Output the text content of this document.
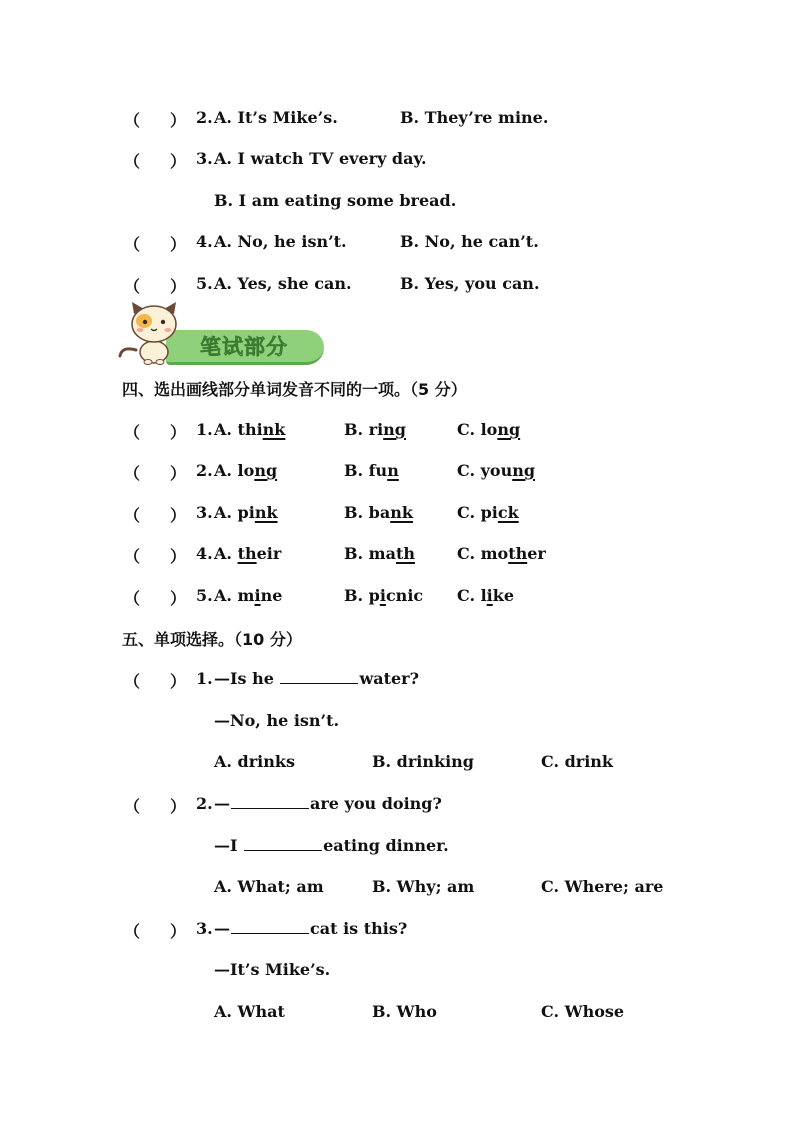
（ ） 2. A. It’s Mike’s.	B. They’re mine.
（ ） 3. A. I watch TV every day.
B. I am eating some bread.
（ ） 4. A. No, he isn’t.	B. No, he can’t.
（ ） 5. A. Yes, she can.	B. Yes, you can.
笔试部分
四、选出画线部分单词发音不同的一项。（5 分）
（ ） 1. A. think	B. ring	C. long
（ ） 2. A. long	B. fun	C. young
（ ） 3. A. pink	B. bank	C. pick
（ ） 4. A. their	B. math	C. mother
（ ） 5. A. mine	B. picnic C. like
五、单项选择。（10 分）
（ ） 1. —Is he	water?
—No, he isn’t.
A. drinks	B. drinking	C. drink
（ ） 2. —	are you doing?
—I	eating dinner.
A. What; am	B. Why; am	C. Where; are
（ ） 3. —	cat is this?
—It’s Mike’s.
A. What	B. Who	C. Whose
